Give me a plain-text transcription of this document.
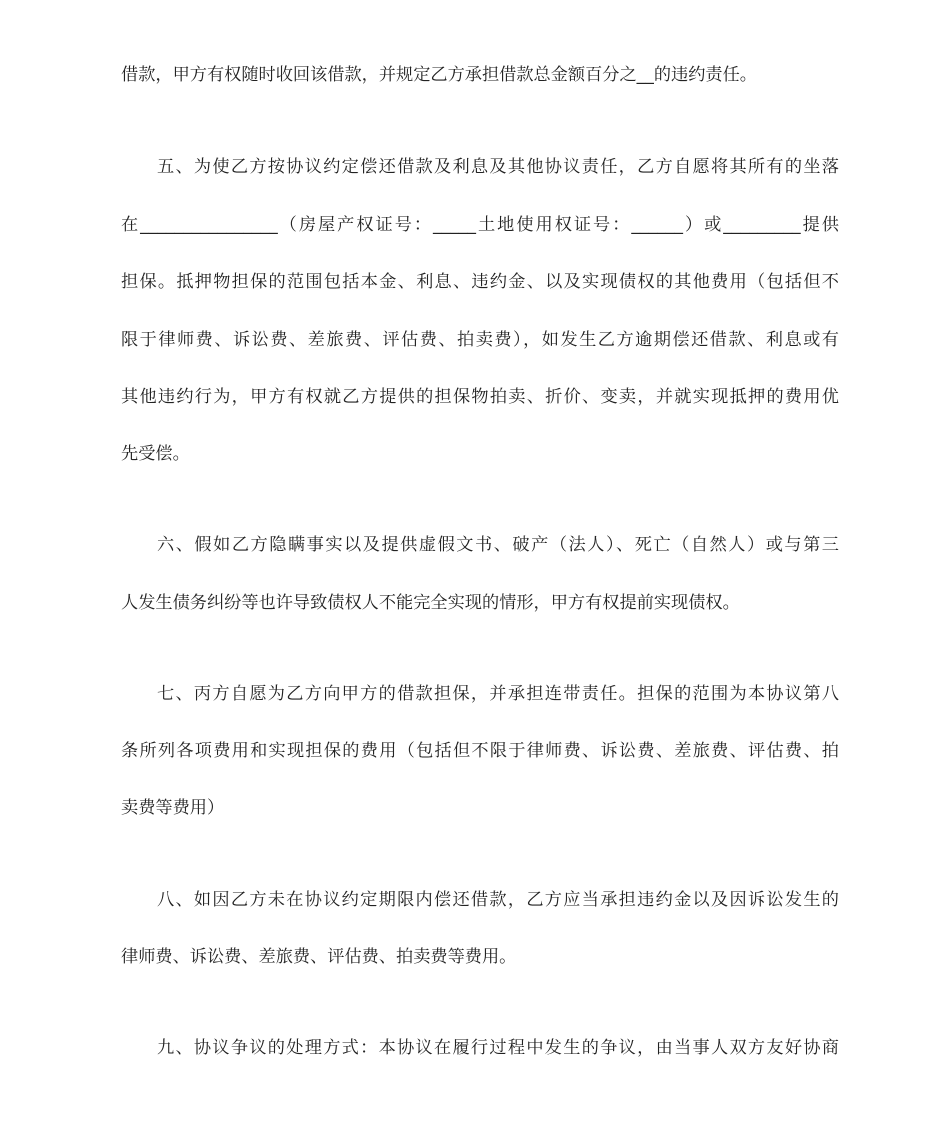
借款，甲方有权随时收回该借款，并规定乙方承担借款总金额百分之__的违约责任。
五、为使乙方按协议约定偿还借款及利息及其他协议责任，乙方自愿将其所有的坐落
在________________（房屋产权证号：_____土地使用权证号：______）或_________提供
担保。抵押物担保的范围包括本金、利息、违约金、以及实现债权的其他费用（包括但不
限于律师费、诉讼费、差旅费、评估费、拍卖费），如发生乙方逾期偿还借款、利息或有
其他违约行为，甲方有权就乙方提供的担保物拍卖、折价、变卖，并就实现抵押的费用优
先受偿。
六、假如乙方隐瞒事实以及提供虚假文书、破产（法人）、死亡（自然人）或与第三
人发生债务纠纷等也许导致债权人不能完全实现的情形，甲方有权提前实现债权。
七、丙方自愿为乙方向甲方的借款担保，并承担连带责任。担保的范围为本协议第八
条所列各项费用和实现担保的费用（包括但不限于律师费、诉讼费、差旅费、评估费、拍
卖费等费用）
八、如因乙方未在协议约定期限内偿还借款，乙方应当承担违约金以及因诉讼发生的
律师费、诉讼费、差旅费、评估费、拍卖费等费用。
九、协议争议的处理方式：本协议在履行过程中发生的争议，由当事人双方友好协商
